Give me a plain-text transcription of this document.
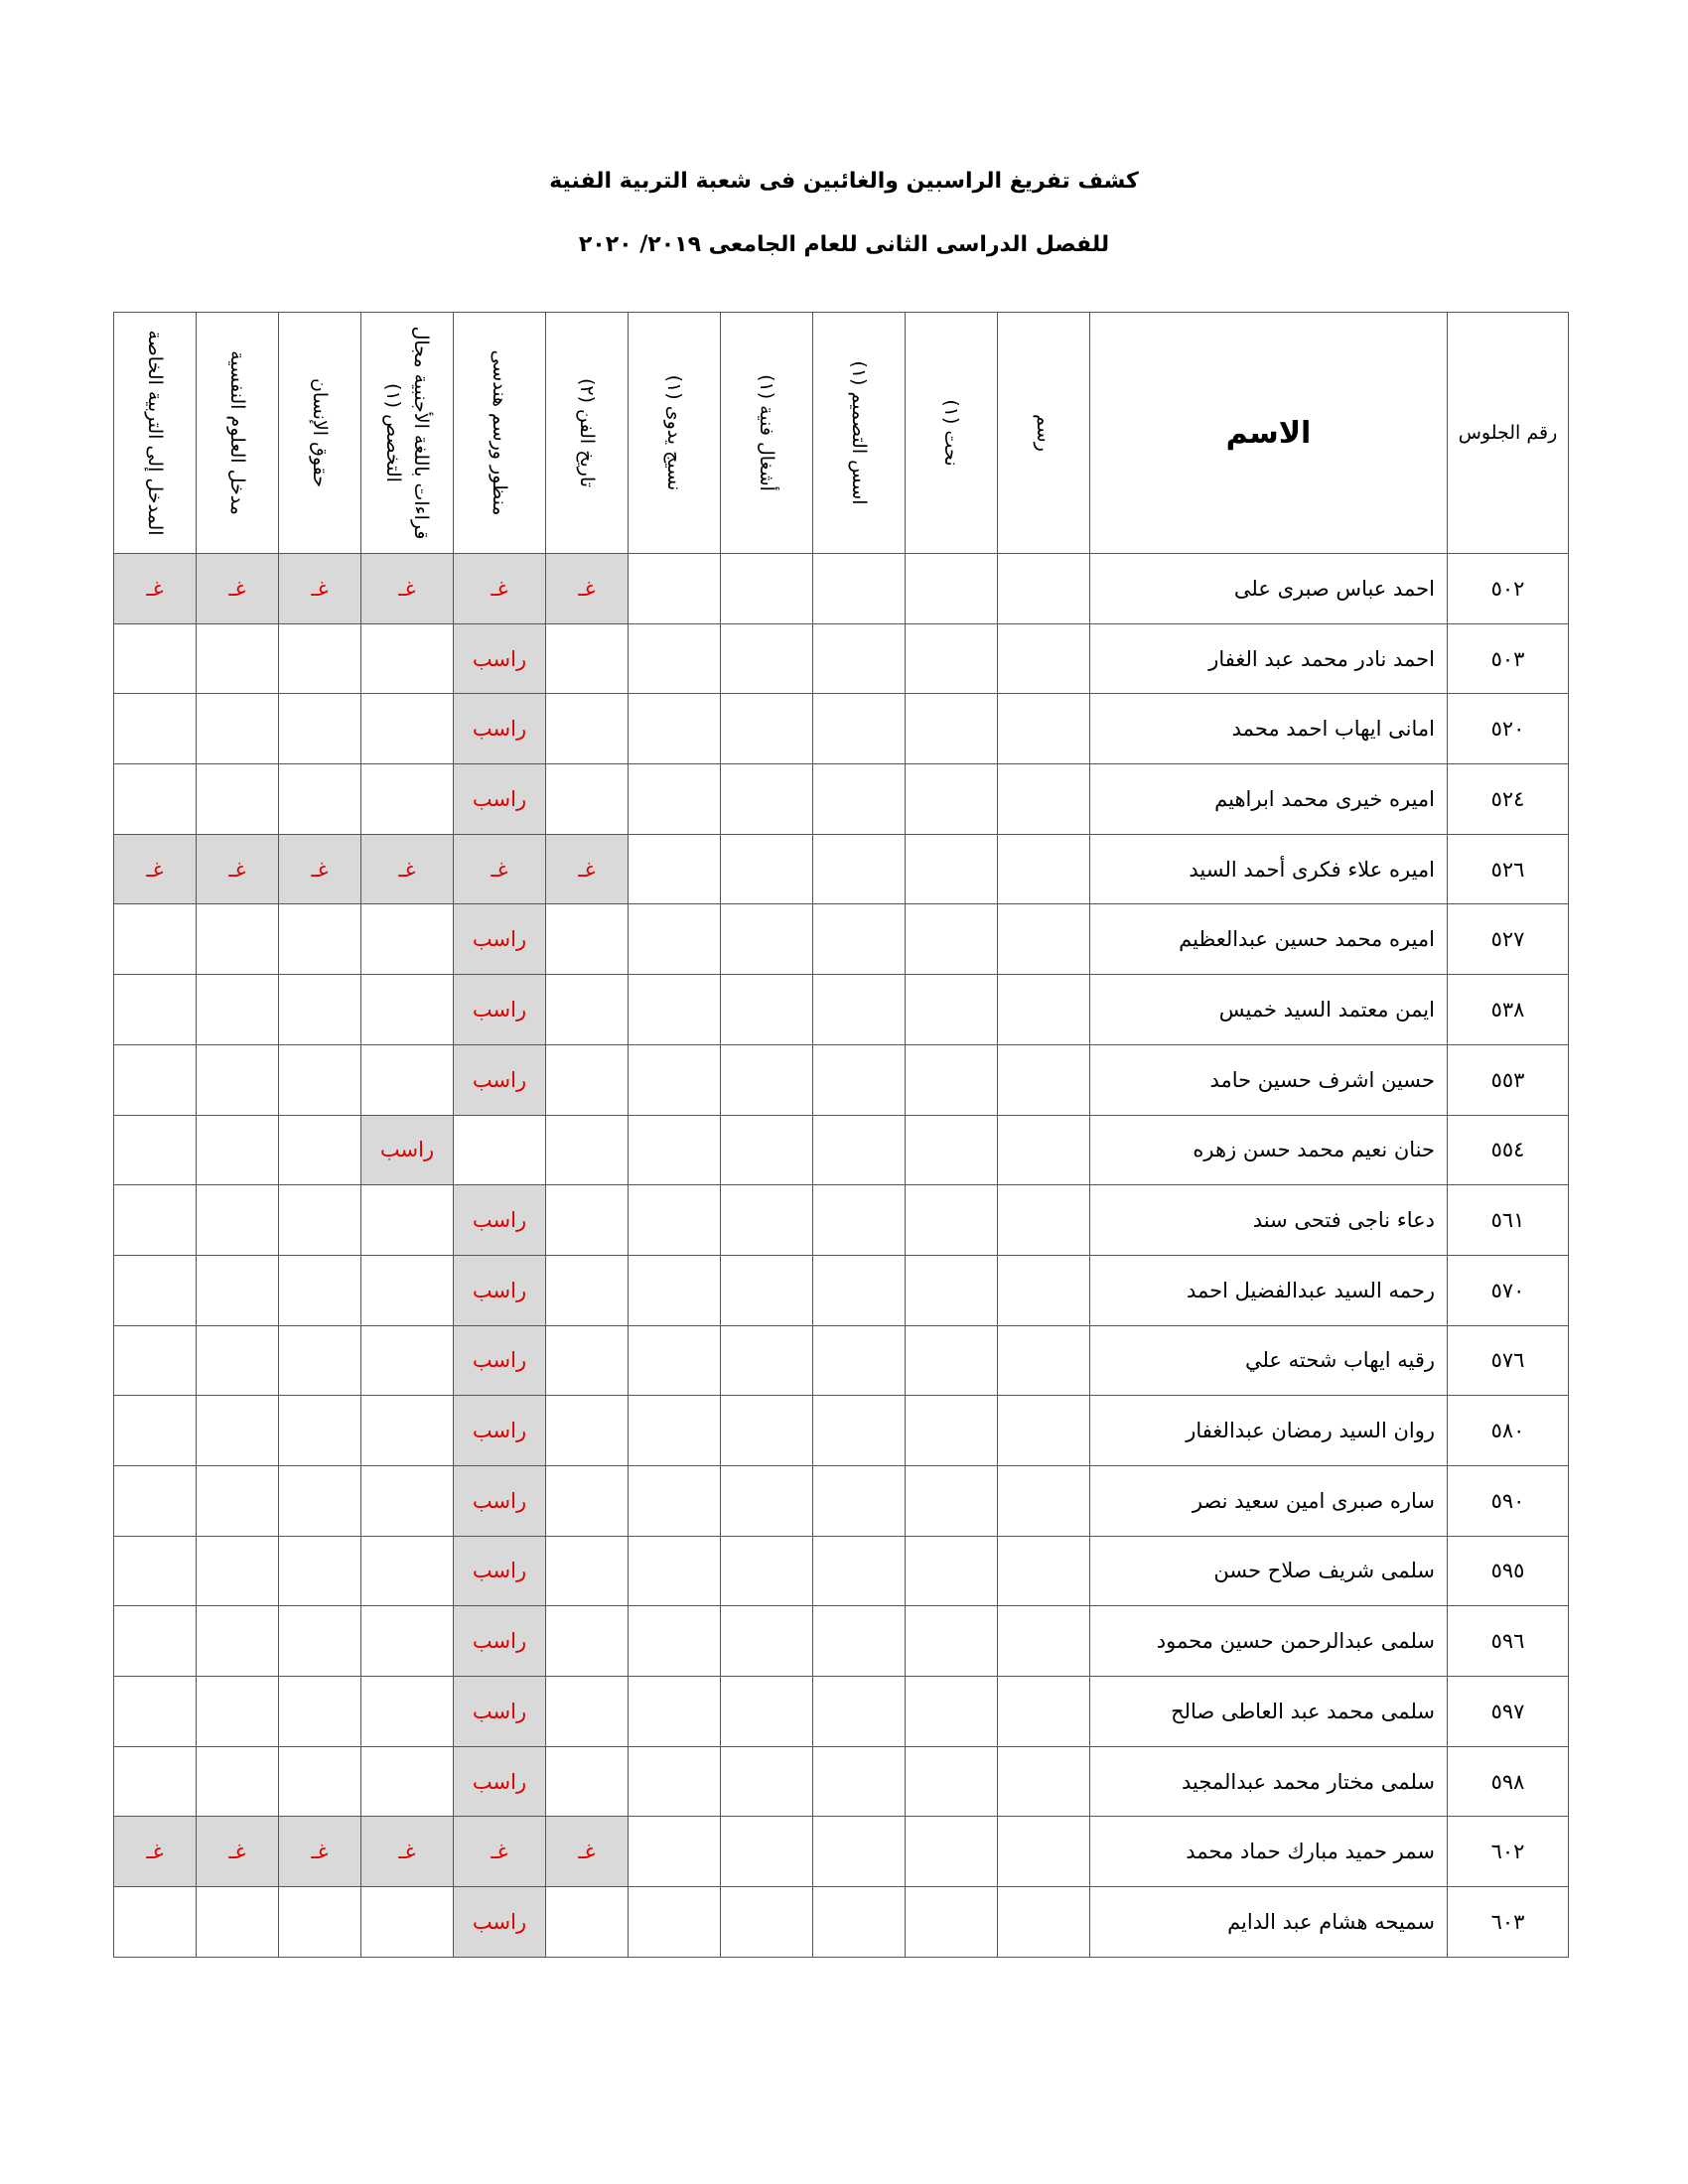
كشف تفريغ الراسبين والغائبين فى شعبة التربية الفنية
للفصل الدراسى الثانى للعام الجامعى ٢٠١٩/ ٢٠٢٠
المدخل إلى التربية الخاصة	مدخل العلوم النفسية	حقوق الإنسان	قراءات باللغة الأجنبية مجال التخصص (١)	منظور ورسم هندسى	تاريخ الفن (٢)	نسيج يدوى (١)	أشغال فنية (١)	اسس التصميم (١)	نحت (١)	رسم	الاسم	رقم الجلوس
غـ	غـ	غـ	غـ	غـ	غـ						احمد عباس صبرى على	٥٠٢
				راسب							احمد نادر محمد عبد الغفار	٥٠٣
				راسب							امانى ايهاب احمد محمد	٥٢٠
				راسب							اميره خيرى محمد ابراهيم	٥٢٤
غـ	غـ	غـ	غـ	غـ	غـ						اميره علاء فكرى أحمد السيد	٥٢٦
				راسب							اميره محمد حسين عبدالعظيم	٥٢٧
				راسب							ايمن معتمد السيد خميس	٥٣٨
				راسب							حسين اشرف حسين حامد	٥٥٣
			راسب								حنان نعيم محمد حسن زهره	٥٥٤
				راسب							دعاء ناجى فتحى سند	٥٦١
				راسب							رحمه السيد عبدالفضيل احمد	٥٧٠
				راسب							رقيه ايهاب شحته علي	٥٧٦
				راسب							روان السيد رمضان عبدالغفار	٥٨٠
				راسب							ساره صبرى امين سعيد نصر	٥٩٠
				راسب							سلمى شريف صلاح حسن	٥٩٥
				راسب							سلمى عبدالرحمن حسين محمود	٥٩٦
				راسب							سلمى محمد عبد العاطى صالح	٥٩٧
				راسب							سلمى مختار محمد عبدالمجيد	٥٩٨
غـ	غـ	غـ	غـ	غـ	غـ						سمر حميد مبارك حماد محمد	٦٠٢
				راسب							سميحه هشام عبد الدايم	٦٠٣
